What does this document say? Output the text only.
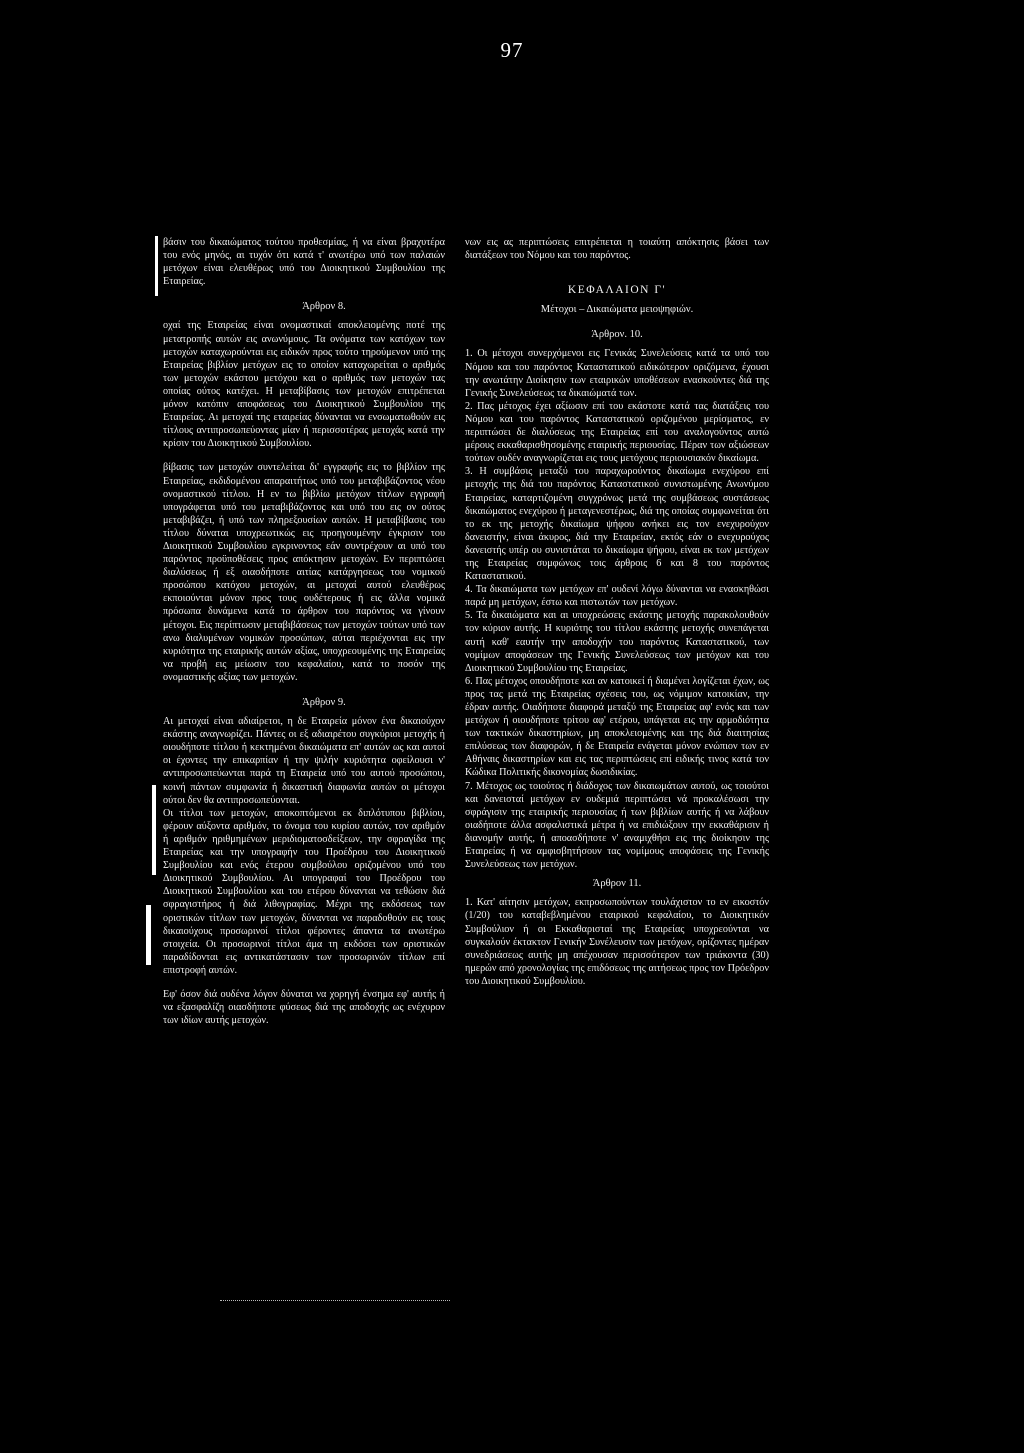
97

βάσιν του δικαιώματος τούτου προθεσμίας, ή να είναι βραχυτέρα του ενός μηνός, αι τυχόν ότι κατά τ' ανωτέρω υπό των παλαιών μετόχων είναι ελευθέρως υπό του Διοικητικού Συμβουλίου της Εταιρείας.

Άρθρον 8.

οχαί της Εταιρείας είναι ονομαστικαί αποκλειομένης ποτέ της μετατροπής αυτών εις ανωνύμους. Τα ονόματα των κατόχων των μετοχών καταχωρούνται εις ειδικόν προς τούτο τηρούμενον υπό της Εταιρείας βιβλίον μετόχων εις το οποίον καταχωρείται ο αριθμός των μετοχών εκάστου μετόχου και ο αριθμός των μετοχών τας οποίας ούτος κατέχει. Η μεταβίβασις των μετοχών επιτρέπεται μόνον κατόπιν αποφάσεως του Διοικητικού Συμβουλίου της Εταιρείας. Αι μετοχαί της εταιρείας δύνανται να ενσωματωθούν εις τίτλους αντιπροσωπεύοντας μίαν ή περισσοτέρας μετοχάς κατά την κρίσιν του Διοικητικού Συμβουλίου.

βίβασις των μετοχών συντελείται δι' εγγραφής εις το βιβλίον της Εταιρείας, εκδιδομένου απαραιτήτως υπό του μεταβιβάζοντος νέου ονομαστικού τίτλου. Η εν τω βιβλίω μετόχων τίτλων εγγραφή υπογράφεται υπό του μεταβιβάζοντος και υπό του εις ον ούτος μεταβιβάζει, ή υπό των πληρεξουσίων αυτών. Η μεταβίβασις του τίτλου δύναται υποχρεωτικώς εις προηγουμένην έγκρισιν του Διοικητικού Συμβουλίου εγκρινοντος εάν συντρέχουν αι υπό του παρόντος προϋποθέσεις προς απόκτησιν μετοχών. Εν περιπτώσει διαλύσεως ή εξ οιασδήποτε αιτίας κατάργησεως του νομικού προσώπου κατόχου μετοχών, αι μετοχαί αυτού ελευθέρως εκποιούνται μόνον προς τους ουδέτερους ή εις άλλα νομικά πρόσωπα δυνάμενα κατά το άρθρον του παρόντος να γίνουν μέτοχοι. Εις περίπτωσιν μεταβιβάσεως των μετοχών τούτων υπό των ανω διαλυμένων νομικών προσώπων, αύται περιέχονται εις την κυριότητα της εταιρικής αυτών αξίας, υποχρεουμένης της Εταιρείας να προβή εις μείωσιν του κεφαλαίου, κατά το ποσόν της ονομαστικής αξίας των μετοχών.

Άρθρον 9.

Αι μετοχαί είναι αδιαίρετοι, η δε Εταιρεία μόνον ένα δικαιούχον εκάστης αναγνωρίζει. Πάντες οι εξ αδιαιρέτου συγκύριοι μετοχής ή οιουδήποτε τίτλου ή κεκτημένοι δικαιώματα επ' αυτών ως και αυτοί οι έχοντες την επικαρπίαν ή την ψιλήν κυριότητα οφείλουσι ν' αντιπροσωπεύωνται παρά τη Εταιρεία υπό του αυτού προσώπου, κοινή πάντων συμφωνία ή δικαστική διαφωνία αυτών οι μέτοχοι ούτοι δεν θα αντιπροσωπεύονται.

Οι τίτλοι των μετοχών, αποκοπτόμενοι εκ διπλότυπου βιβλίου, φέρουν αύξοντα αριθμόν, το όνομα του κυρίου αυτών, τον αριθμόν ή αριθμόν ηριθμημένων μεριδιοματοσδείξεων, την σφραγίδα της Εταιρείας και την υπογραφήν του Προέδρου του Διοικητικού Συμβουλίου και ενός έτερου συμβούλου οριζομένου υπό του Διοικητικού Συμβουλίου. Αι υπογραφαί του Προέδρου του Διοικητικού Συμβουλίου και του ετέρου δύνανται να τεθώσιν διά σφραγιστήρος ή διά λιθογραφίας. Μέχρι της εκδόσεως των οριστικών τίτλων των μετοχών, δύνανται να παραδοθούν εις τους δικαιούχους προσωρινοί τίτλοι φέροντες άπαντα τα ανωτέρω στοιχεία. Οι προσωρινοί τίτλοι άμα τη εκδόσει των οριστικών παραδίδονται εις αντικατάστασιν των προσωρινών τίτλων επί επιστροφή αυτών.

Εφ' όσον διά ουδένα λόγον δύναται να χορηγή ένσημα εφ' αυτής ή να εξασφαλίζη οιασδήποτε φύσεως διά της αποδοχής ως ενέχυρον των ιδίων αυτής μετοχών.

νων εις ας περιπτώσεις επιτρέπεται η τοιαύτη απόκτησις βάσει των διατάξεων του Νόμου και του παρόντος.

ΚΕΦΑΛΑΙΟΝ Γ'
Μέτοχοι – Δικαιώματα μειοψηφιών.
Άρθρον. 10.

1. Οι μέτοχοι συνερχόμενοι εις Γενικάς Συνελεύσεις κατά τα υπό του Νόμου και του παρόντος Καταστατικού ειδικώτερον οριζόμενα, έχουσι την ανωτάτην Διοίκησιν των εταιρικών υποθέσεων ενασκούντες διά της Γενικής Συνελεύσεως τα δικαιώματά των.

2. Πας μέτοχος έχει αξίωσιν επί του εκάστοτε κατά τας διατάξεις του Νόμου και του παρόντος Καταστατικού οριζομένου μερίσματος, εν περιπτώσει δε διαλύσεως της Εταιρείας επί του αναλογούντος αυτώ μέρους εκκαθαρισθησομένης εταιρικής περιουσίας. Πέραν των αξιώσεων τούτων ουδέν αναγνωρίζεται εις τους μετόχους περιουσιακόν δικαίωμα.

3. Η συμβάσις μεταξύ του παραχωρούντος δικαίωμα ενεχύρου επί μετοχής της διά του παρόντος Καταστατικού συνιστωμένης Ανωνύμου Εταιρείας, καταρτιζομένη συγχρόνως μετά της συμβάσεως συστάσεως δικαιώματος ενεχύρου ή μεταγενεστέρως, διά της οποίας συμφωνείται ότι το εκ της μετοχής δικαίωμα ψήφου ανήκει εις τον ενεχυρούχον δανειστήν, είναι άκυρος, διά την Εταιρείαν, εκτός εάν ο ενεχυρούχος δανειστής υπέρ ου συνιστάται το δικαίωμα ψήφου, είναι εκ των μετόχων της Εταιρείας συμφώνως τοις άρθροις 6 και 8 του παρόντος Καταστατικού.

4. Τα δικαιώματα των μετόχων επ' ουδενί λόγω δύνανται να ενασκηθώσι παρά μη μετόχων, έστω και πιστωτών των μετόχων.

5. Τα δικαιώματα και αι υποχρεώσεις εκάστης μετοχής παρακολουθούν τον κύριον αυτής. Η κυριότης του τίτλου εκάστης μετοχής συνεπάγεται αυτή καθ' εαυτήν την αποδοχήν του παρόντος Καταστατικού, των νομίμων αποφάσεων της Γενικής Συνελεύσεως των μετόχων και του Διοικητικού Συμβουλίου της Εταιρείας.

6. Πας μέτοχος οπουδήποτε και αν κατοικεί ή διαμένει λογίζεται έχων, ως προς τας μετά της Εταιρείας σχέσεις του, ως νόμιμον κατοικίαν, την έδραν αυτής. Οιαδήποτε διαφορά μεταξύ της Εταιρείας αφ' ενός και των μετόχων ή οιουδήποτε τρίτου αφ' ετέρου, υπάγεται εις την αρμοδιότητα των τακτικών δικαστηρίων, μη αποκλειομένης και της διά διαιτησίας επιλύσεως των διαφορών, ή δε Εταιρεία ενάγεται μόνον ενώπιον των εν Αθήναις δικαστηρίων και εις τας περιπτώσεις επί ειδικής τινος κατά τον Κώδικα Πολιτικής δικονομίας δωσιδικίας.

7. Μέτοχος ως τοιούτος ή διάδοχος των δικαιωμάτων αυτού, ως τοιούτοι και δανεισταί μετόχων εν ουδεμιά περιπτώσει νά προκαλέσωσι την σφράγισιν της εταιρικής περιουσίας ή των βιβλίων αυτής ή να λάβουν οιαδήποτε άλλα ασφαλιστικά μέτρα ή να επιδιώξουν την εκκαθάρισιν ή διανομήν αυτής, ή αποασδήποτε ν' αναμιχθήσι εις της διοίκησιν της Εταιρείας ή να αμφισβητήσουν τας νομίμους αποφάσεις της Γενικής Συνελεύσεως των μετόχων.

Άρθρον 11.

1. Κατ' αίτησιν μετόχων, εκπροσωπούντων τουλάχιστον το εν εικοστόν (1/20) του καταβεβλημένου εταιρικού κεφαλαίου, το Διοικητικόν Συμβούλιον ή οι Εκκαθαρισταί της Εταιρείας υποχρεούνται να συγκαλούν έκτακτον Γενικήν Συνέλευσιν των μετόχων, ορίζοντες ημέραν συνεδριάσεως αυτής μη απέχουσαν περισσότερον των τριάκοντα (30) ημερών από χρονολογίας της επιδόσεως της αιτήσεως προς τον Πρόεδρον του Διοικητικού Συμβουλίου.
